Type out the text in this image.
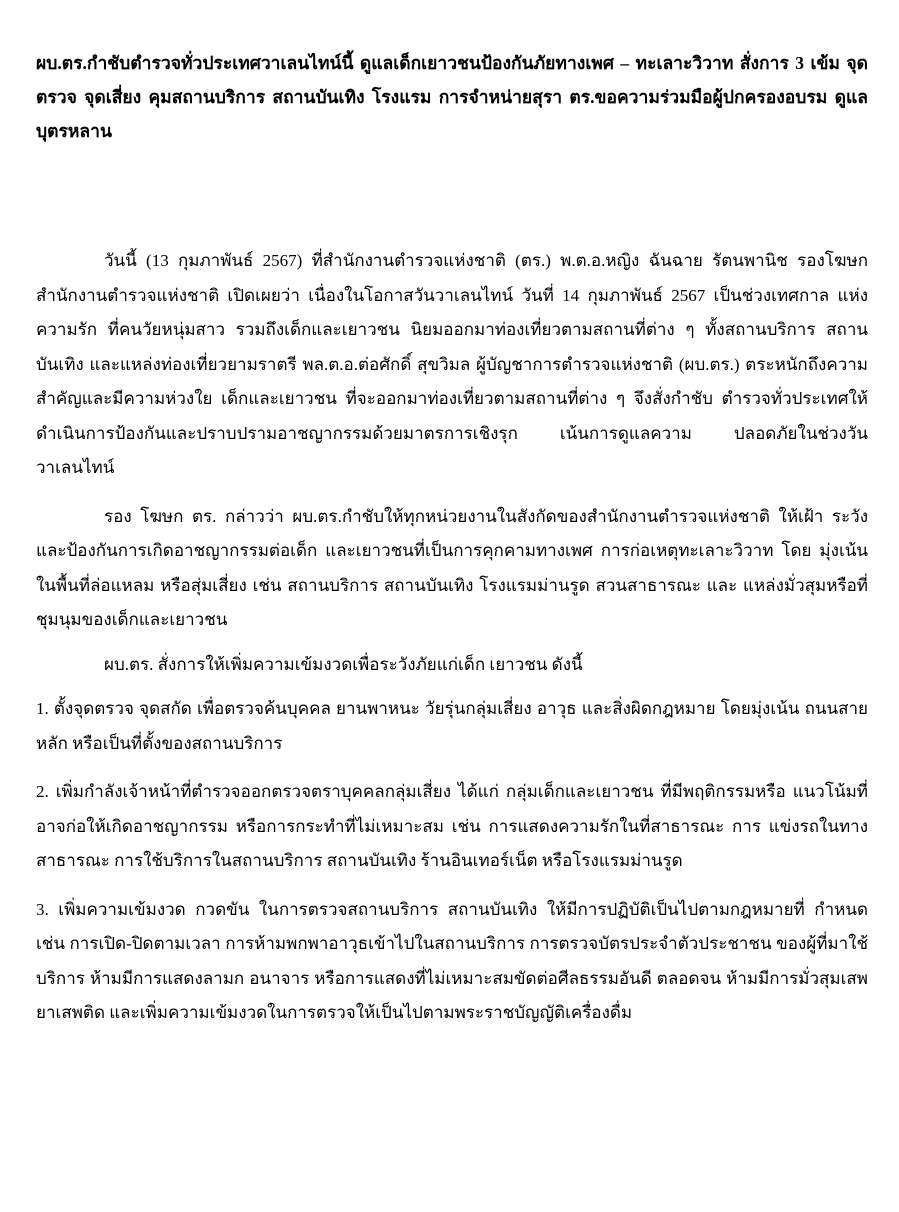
ผบ.ตร.กำชับตำรวจทั่วประเทศวาเลนไทน์นี้ ดูแลเด็กเยาวชนป้องกันภัยทางเพศ – ทะเลาะวิวาท สั่งการ 3 เข้ม จุดตรวจ จุดเสี่ยง คุมสถานบริการ สถานบันเทิง โรงแรม การจำหน่ายสุรา ตร.ขอความร่วมมือผู้ปกครองอบรม ดูแลบุตรหลาน

วันนี้ (13 กุมภาพันธ์ 2567) ที่สำนักงานตำรวจแห่งชาติ (ตร.) พ.ต.อ.หญิง ฉันฉาย รัตนพานิช รองโฆษก สำนักงานตำรวจแห่งชาติ เปิดเผยว่า เนื่องในโอกาสวันวาเลนไทน์ วันที่ 14 กุมภาพันธ์ 2567 เป็นช่วงเทศกาล แห่งความรัก ที่คนวัยหนุ่มสาว รวมถึงเด็กและเยาวชน นิยมออกมาท่องเที่ยวตามสถานที่ต่าง ๆ ทั้งสถานบริการ สถานบันเทิง และแหล่งท่องเที่ยวยามราตรี พล.ต.อ.ต่อศักดิ์ สุขวิมล ผู้บัญชาการตำรวจแห่งชาติ (ผบ.ตร.) ตระหนักถึงความสำคัญและมีความห่วงใย เด็กและเยาวชน ที่จะออกมาท่องเที่ยวตามสถานที่ต่าง ๆ จึงสั่งกำชับ ตำรวจทั่วประเทศให้ดำเนินการป้องกันและปราบปรามอาชญากรรมด้วยมาตรการเชิงรุก เน้นการดูแลความ ปลอดภัยในช่วงวันวาเลนไทน์

รอง โฆษก ตร. กล่าวว่า ผบ.ตร.กำชับให้ทุกหน่วยงานในสังกัดของสำนักงานตำรวจแห่งชาติ ให้เฝ้า ระวังและป้องกันการเกิดอาชญากรรมต่อเด็ก และเยาวชนที่เป็นการคุกคามทางเพศ การก่อเหตุทะเลาะวิวาท โดย มุ่งเน้นในพื้นที่ล่อแหลม หรือสุ่มเสี่ยง เช่น สถานบริการ สถานบันเทิง โรงแรมม่านรูด สวนสาธารณะ และ แหล่งมั่วสุมหรือที่ชุมนุมของเด็กและเยาวชน

ผบ.ตร. สั่งการให้เพิ่มความเข้มงวดเพื่อระวังภัยแก่เด็ก เยาวชน ดังนี้

1. ตั้งจุดตรวจ จุดสกัด เพื่อตรวจค้นบุคคล ยานพาหนะ วัยรุ่นกลุ่มเสี่ยง อาวุธ และสิ่งผิดกฎหมาย โดยมุ่งเน้น ถนนสายหลัก หรือเป็นที่ตั้งของสถานบริการ

2. เพิ่มกำลังเจ้าหน้าที่ตำรวจออกตรวจตราบุคคลกลุ่มเสี่ยง ได้แก่ กลุ่มเด็กและเยาวชน ที่มีพฤติกรรมหรือ แนวโน้มที่อาจก่อให้เกิดอาชญากรรม หรือการกระทำที่ไม่เหมาะสม เช่น การแสดงความรักในที่สาธารณะ การ แข่งรถในทางสาธารณะ การใช้บริการในสถานบริการ สถานบันเทิง ร้านอินเทอร์เน็ต หรือโรงแรมม่านรูด

3. เพิ่มความเข้มงวด กวดขัน ในการตรวจสถานบริการ สถานบันเทิง ให้มีการปฏิบัติเป็นไปตามกฎหมายที่ กำหนด เช่น การเปิด-ปิดตามเวลา การห้ามพกพาอาวุธเข้าไปในสถานบริการ การตรวจบัตรประจำตัวประชาชน ของผู้ที่มาใช้บริการ ห้ามมีการแสดงลามก อนาจาร หรือการแสดงที่ไม่เหมาะสมขัดต่อศีลธรรมอันดี ตลอดจน ห้ามมีการมั่วสุมเสพยาเสพติด และเพิ่มความเข้มงวดในการตรวจให้เป็นไปตามพระราชบัญญัติเครื่องดื่ม
